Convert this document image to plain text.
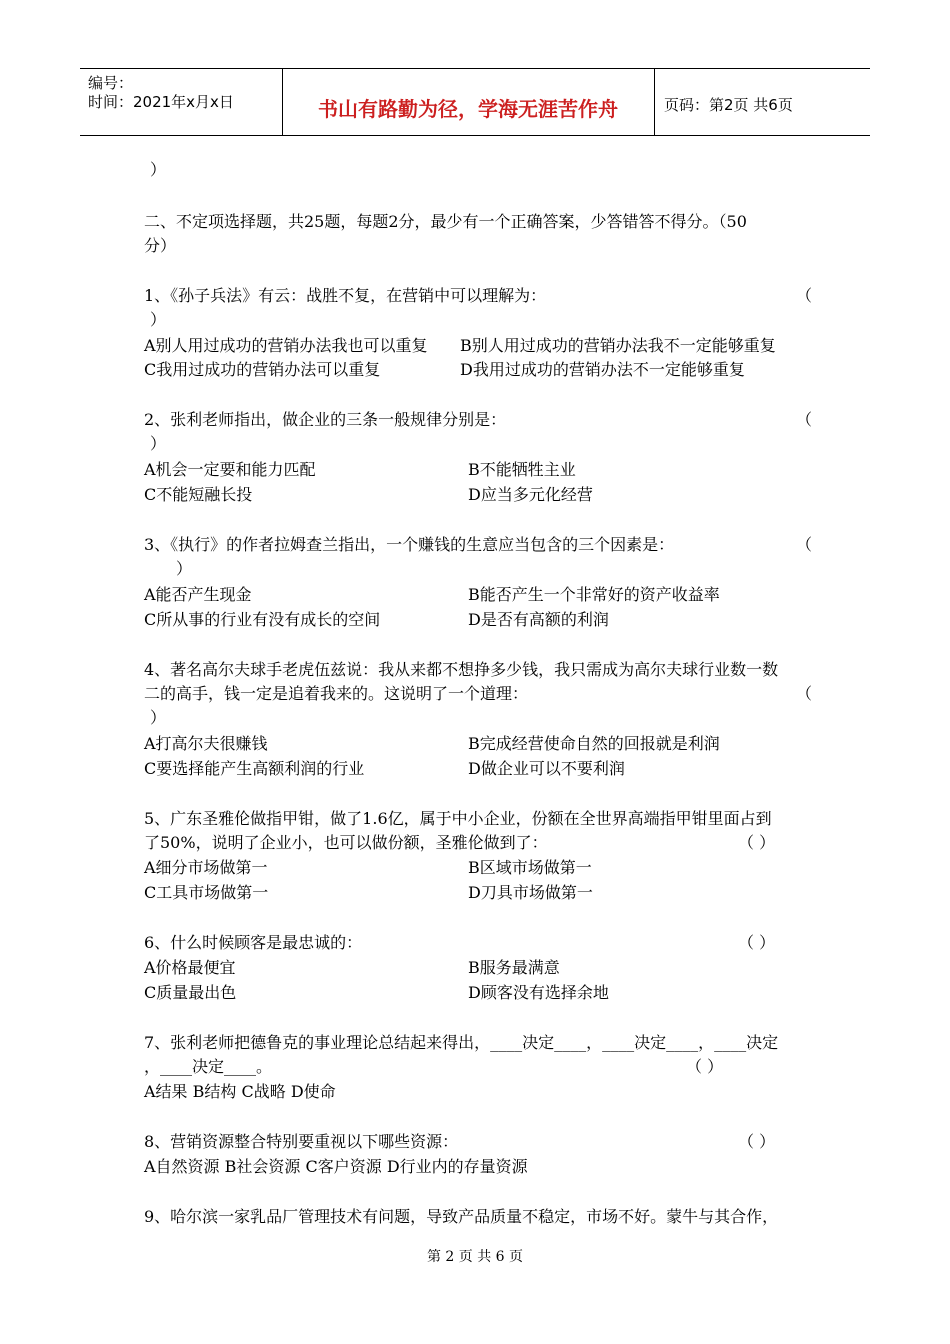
编号：
时间：2021年x月x日	书山有路勤为径，学海无涯苦作舟	页码：第2页 共6页
）
二、不定项选择题，共25题，每题2分，最少有一个正确答案，少答错答不得分。（50
分）
1、《孙子兵法》有云：战胜不复，在营销中可以理解为：	（
）
A别人用过成功的营销办法我也可以重复 B别人用过成功的营销办法我不一定能够重复
C我用过成功的营销办法可以重复	D我用过成功的营销办法不一定能够重复
2、张利老师指出，做企业的三条一般规律分别是：	（
）
A机会一定要和能力匹配	B不能牺牲主业
C不能短融长投	D应当多元化经营
3、《执行》的作者拉姆查兰指出，一个赚钱的生意应当包含的三个因素是：	（
）
A能否产生现金	B能否产生一个非常好的资产收益率
C所从事的行业有没有成长的空间	D是否有高额的利润
4、著名高尔夫球手老虎伍兹说：我从来都不想挣多少钱，我只需成为高尔夫球行业数一数
二的高手，钱一定是追着我来的。这说明了一个道理：	（
）
A打高尔夫很赚钱	B完成经营使命自然的回报就是利润
C要选择能产生高额利润的行业	D做企业可以不要利润
5、广东圣雅伦做指甲钳，做了1.6亿，属于中小企业，份额在全世界高端指甲钳里面占到
了50%，说明了企业小，也可以做份额，圣雅伦做到了：	（ ）
A细分市场做第一	B区域市场做第一
C工具市场做第一	D刀具市场做第一
6、什么时候顾客是最忠诚的：	（ ）
A价格最便宜	B服务最满意
C质量最出色	D顾客没有选择余地
7、张利老师把德鲁克的事业理论总结起来得出，____决定____，____决定____，____决定
，____决定____。	（ ）
A结果 B结构 C战略 D使命
8、营销资源整合特别要重视以下哪些资源：	（ ）
A自然资源 B社会资源 C客户资源 D行业内的存量资源
9、哈尔滨一家乳品厂管理技术有问题，导致产品质量不稳定，市场不好。蒙牛与其合作，
第 2 页 共 6 页
